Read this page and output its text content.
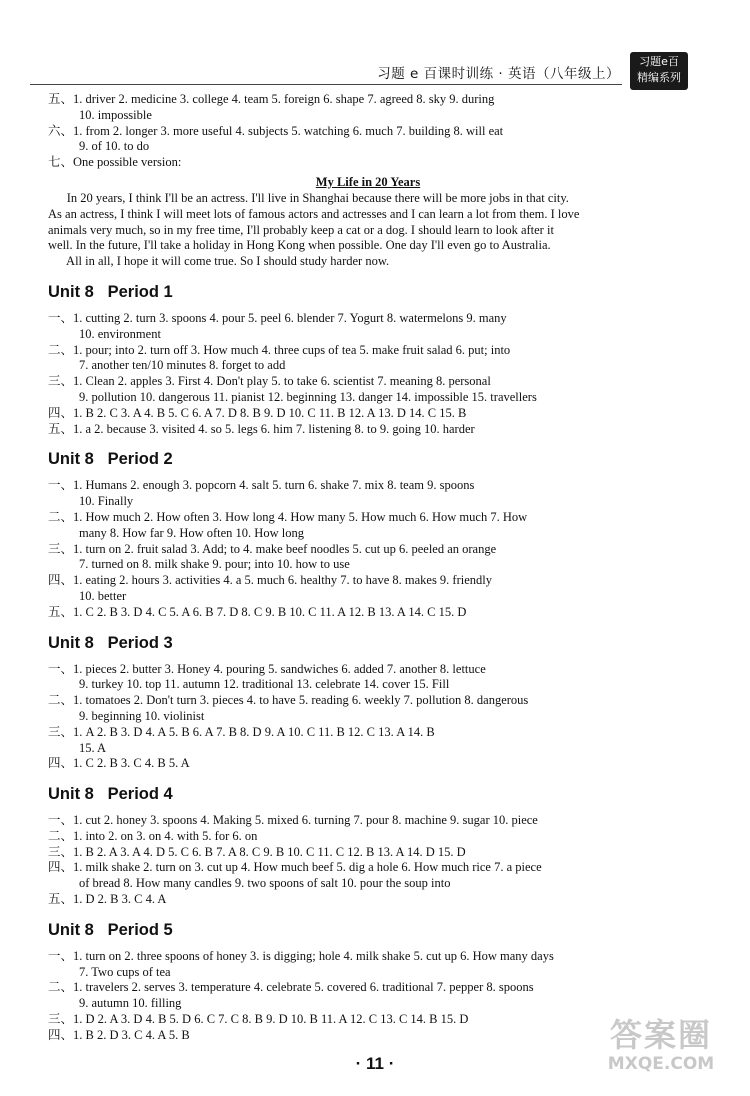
习题 e 百课时训练 · 英语（八年级上）
习题e百
精编系列
五、1. driver 2. medicine 3. college 4. team 5. foreign 6. shape 7. agreed 8. sky 9. during
10. impossible
六、1. from 2. longer 3. more useful 4. subjects 5. watching 6. much 7. building 8. will eat
9. of 10. to do
七、One possible version:
My Life in 20 Years
In 20 years, I think I'll be an actress. I'll live in Shanghai because there will be more jobs in that city.
As an actress, I think I will meet lots of famous actors and actresses and I can learn a lot from them. I love
animals very much, so in my free time, I'll probably keep a cat or a dog. I should learn to look after it
well. In the future, I'll take a holiday in Hong Kong when possible. One day I'll even go to Australia.
All in all, I hope it will come true. So I should study harder now.
Unit 8   Period 1
一、1. cutting 2. turn 3. spoons 4. pour 5. peel 6. blender 7. Yogurt 8. watermelons 9. many
10. environment
二、1. pour; into 2. turn off 3. How much 4. three cups of tea 5. make fruit salad 6. put; into
7. another ten/10 minutes 8. forget to add
三、1. Clean 2. apples 3. First 4. Don't play 5. to take 6. scientist 7. meaning 8. personal
9. pollution 10. dangerous 11. pianist 12. beginning 13. danger 14. impossible 15. travellers
四、1. B 2. C 3. A 4. B 5. C 6. A 7. D 8. B 9. D 10. C 11. B 12. A 13. D 14. C 15. B
五、1. a 2. because 3. visited 4. so 5. legs 6. him 7. listening 8. to 9. going 10. harder
Unit 8   Period 2
一、1. Humans 2. enough 3. popcorn 4. salt 5. turn 6. shake 7. mix 8. team 9. spoons
10. Finally
二、1. How much 2. How often 3. How long 4. How many 5. How much 6. How much 7. How
many 8. How far 9. How often 10. How long
三、1. turn on 2. fruit salad 3. Add; to 4. make beef noodles 5. cut up 6. peeled an orange
7. turned on 8. milk shake 9. pour; into 10. how to use
四、1. eating 2. hours 3. activities 4. a 5. much 6. healthy 7. to have 8. makes 9. friendly
10. better
五、1. C 2. B 3. D 4. C 5. A 6. B 7. D 8. C 9. B 10. C 11. A 12. B 13. A 14. C 15. D
Unit 8   Period 3
一、1. pieces 2. butter 3. Honey 4. pouring 5. sandwiches 6. added 7. another 8. lettuce
9. turkey 10. top 11. autumn 12. traditional 13. celebrate 14. cover 15. Fill
二、1. tomatoes 2. Don't turn 3. pieces 4. to have 5. reading 6. weekly 7. pollution 8. dangerous
9. beginning 10. violinist
三、1. A 2. B 3. D 4. A 5. B 6. A 7. B 8. D 9. A 10. C 11. B 12. C 13. A 14. B
15. A
四、1. C 2. B 3. C 4. B 5. A
Unit 8   Period 4
一、1. cut 2. honey 3. spoons 4. Making 5. mixed 6. turning 7. pour 8. machine 9. sugar 10. piece
二、1. into 2. on 3. on 4. with 5. for 6. on
三、1. B 2. A 3. A 4. D 5. C 6. B 7. A 8. C 9. B 10. C 11. C 12. B 13. A 14. D 15. D
四、1. milk shake 2. turn on 3. cut up 4. How much beef 5. dig a hole 6. How much rice 7. a piece
of bread 8. How many candles 9. two spoons of salt 10. pour the soup into
五、1. D 2. B 3. C 4. A
Unit 8   Period 5
一、1. turn on 2. three spoons of honey 3. is digging; hole 4. milk shake 5. cut up 6. How many days
7. Two cups of tea
二、1. travelers 2. serves 3. temperature 4. celebrate 5. covered 6. traditional 7. pepper 8. spoons
9. autumn 10. filling
三、1. D 2. A 3. D 4. B 5. D 6. C 7. C 8. B 9. D 10. B 11. A 12. C 13. C 14. B 15. D
四、1. B 2. D 3. C 4. A 5. B
· 11 ·
答案圈
MXQE.COM
